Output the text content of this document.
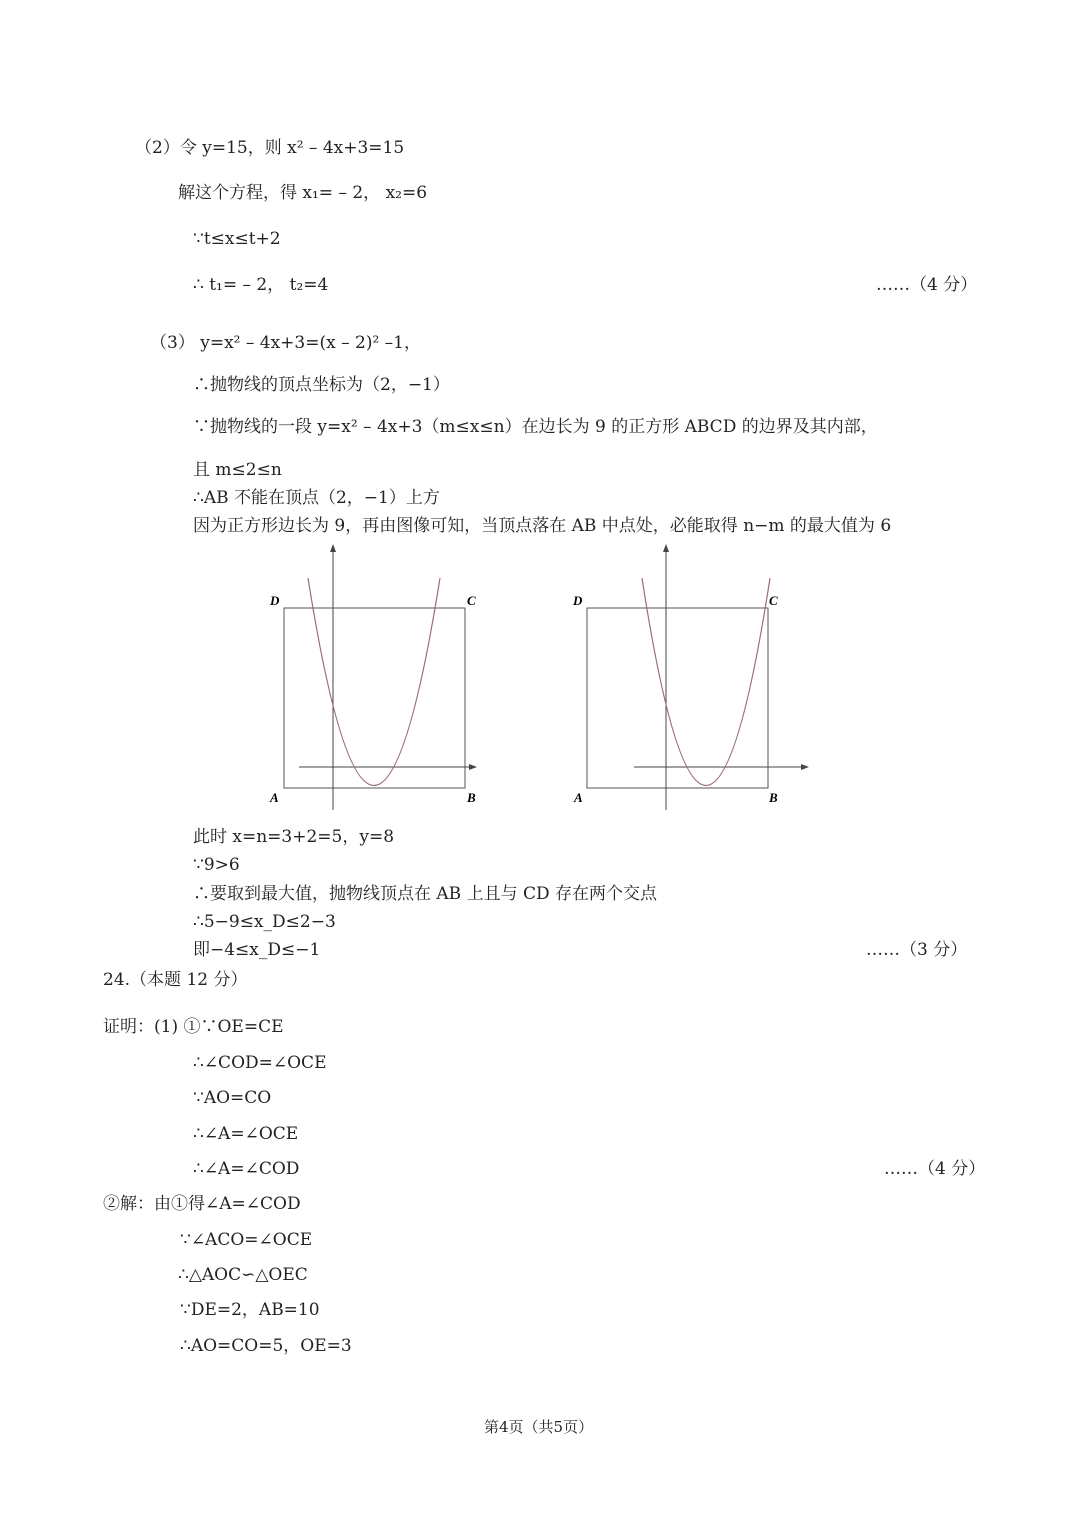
（2）令 y=15，则 x² – 4x+3=15
解这个方程，得 x₁= – 2， x₂=6
∵t≤x≤t+2
∴ t₁= – 2， t₂=4	……（4 分）
（3） y=x² – 4x+3=(x – 2)² –1，
∴抛物线的顶点坐标为（2，−1）
∵抛物线的一段 y=x² – 4x+3（m≤x≤n）在边长为 9 的正方形 ABCD 的边界及其内部，
且 m≤2≤n
∴AB 不能在顶点（2，−1）上方
因为正方形边长为 9，再由图像可知，当顶点落在 AB 中点处，必能取得 n−m 的最大值为 6
D	C
A	B
D	C
A	B
此时 x=n=3+2=5，y=8
∵9>6
∴要取到最大值，抛物线顶点在 AB 上且与 CD 存在两个交点
∴5−9≤x_D≤2−3
即−4≤x_D≤−1	……（3 分）
24.（本题 12 分）
证明：(1) ①∵OE=CE
∴∠COD=∠OCE
∵AO=CO
∴∠A=∠OCE
∴∠A=∠COD	……（4 分）
②解：由①得∠A=∠COD
∵∠ACO=∠OCE
∴△AOC∽△OEC
∵DE=2，AB=10
∴AO=CO=5，OE=3
第4页（共5页）
